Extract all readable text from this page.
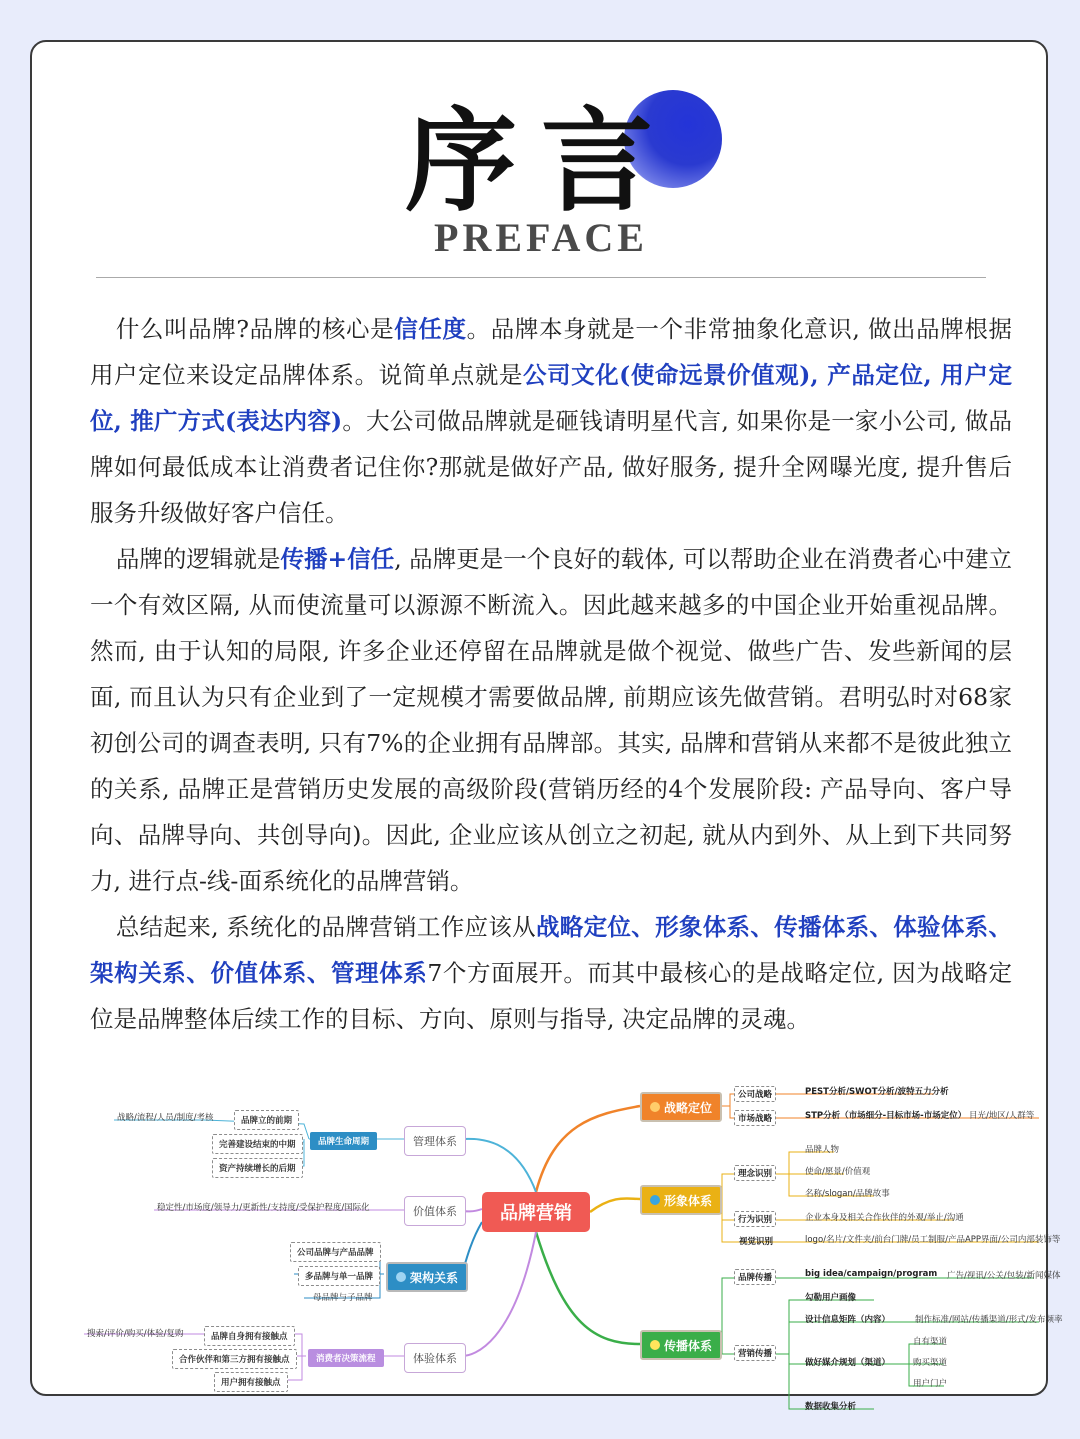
序言
PREFACE

什么叫品牌?品牌的核心是信任度。品牌本身就是一个非常抽象化意识, 做出品牌根据用户定位来设定品牌体系。说简单点就是公司文化(使命远景价值观), 产品定位, 用户定位, 推广方式(表达内容)。大公司做品牌就是砸钱请明星代言, 如果你是一家小公司, 做品牌如何最低成本让消费者记住你?那就是做好产品, 做好服务, 提升全网曝光度, 提升售后服务升级做好客户信任。

品牌的逻辑就是传播+信任, 品牌更是一个良好的载体, 可以帮助企业在消费者心中建立一个有效区隔, 从而使流量可以源源不断流入。因此越来越多的中国企业开始重视品牌。然而, 由于认知的局限, 许多企业还停留在品牌就是做个视觉、做些广告、发些新闻的层面, 而且认为只有企业到了一定规模才需要做品牌, 前期应该先做营销。君明弘时对68家初创公司的调查表明, 只有7%的企业拥有品牌部。其实, 品牌和营销从来都不是彼此独立的关系, 品牌正是营销历史发展的高级阶段(营销历经的4个发展阶段: 产品导向、客户导向、品牌导向、共创导向)。因此, 企业应该从创立之初起, 就从内到外、从上到下共同努力, 进行点-线-面系统化的品牌营销。

总结起来, 系统化的品牌营销工作应该从战略定位、形象体系、传播体系、体验体系、架构关系、价值体系、管理体系7个方面展开。而其中最核心的是战略定位, 因为战略定位是品牌整体后续工作的目标、方向、原则与指导, 决定品牌的灵魂。

品牌营销
战略定位
形象体系
传播体系
公司战略
市场战略
PEST分析/SWOT分析/波特五力分析
STP分析（市场细分-目标市场-市场定位） 目光/地区/人群等
理念识别
行为识别
视觉识别
品牌人物
使命/愿景/价值观
名称/slogan/品牌故事
企业本身及相关合作伙伴的外观/举止/沟通
logo/名片/文件夹/前台门牌/员工制服/产品APP界面/公司内部装饰等
品牌传播
营销传播
big idea/campaign/program	广告/视讯/公关/包装/新闻媒体
勾勒用户画像
设计信息矩阵（内容）	制作标准/网站/传播渠道/形式/发布频率
做好媒介规划（渠道）
自有渠道
购买渠道
用户门户
数据收集分析
管理体系
价值体系
架构关系
体验体系
品牌生命周期
战略/流程/人员/制度/考核	品牌立的前期
完善建设结束的中期
资产持续增长的后期
稳定性/市场度/领导力/更新性/支持度/受保护程度/国际化
公司品牌与产品品牌
多品牌与单一品牌
母品牌与子品牌
消费者决策流程
搜索/评价/购买/体验/复购	品牌自身拥有接触点
合作伙伴和第三方拥有接触点
用户拥有接触点
